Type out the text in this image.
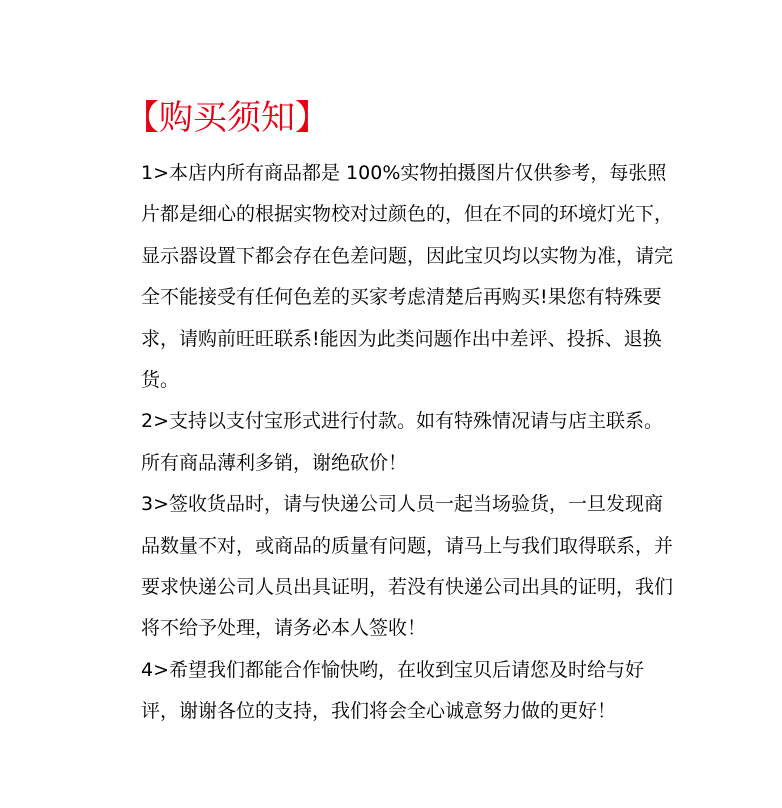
【购买须知】

1>本店内所有商品都是 100%实物拍摄图片仅供参考，每张照片都是细心的根据实物校对过颜色的，但在不同的环境灯光下，显示器设置下都会存在色差问题，因此宝贝均以实物为准，请完全不能接受有任何色差的买家考虑清楚后再购买!果您有特殊要求，请购前旺旺联系!能因为此类问题作出中差评、投拆、退换货。

2>支持以支付宝形式进行付款。如有特殊情况请与店主联系。所有商品薄利多销，谢绝砍价！

3>签收货品时，请与快递公司人员一起当场验货，一旦发现商品数量不对，或商品的质量有问题，请马上与我们取得联系，并要求快递公司人员出具证明，若没有快递公司出具的证明，我们将不给予处理，请务必本人签收！

4>希望我们都能合作愉快哟，在收到宝贝后请您及时给与好评，谢谢各位的支持，我们将会全心诚意努力做的更好！
